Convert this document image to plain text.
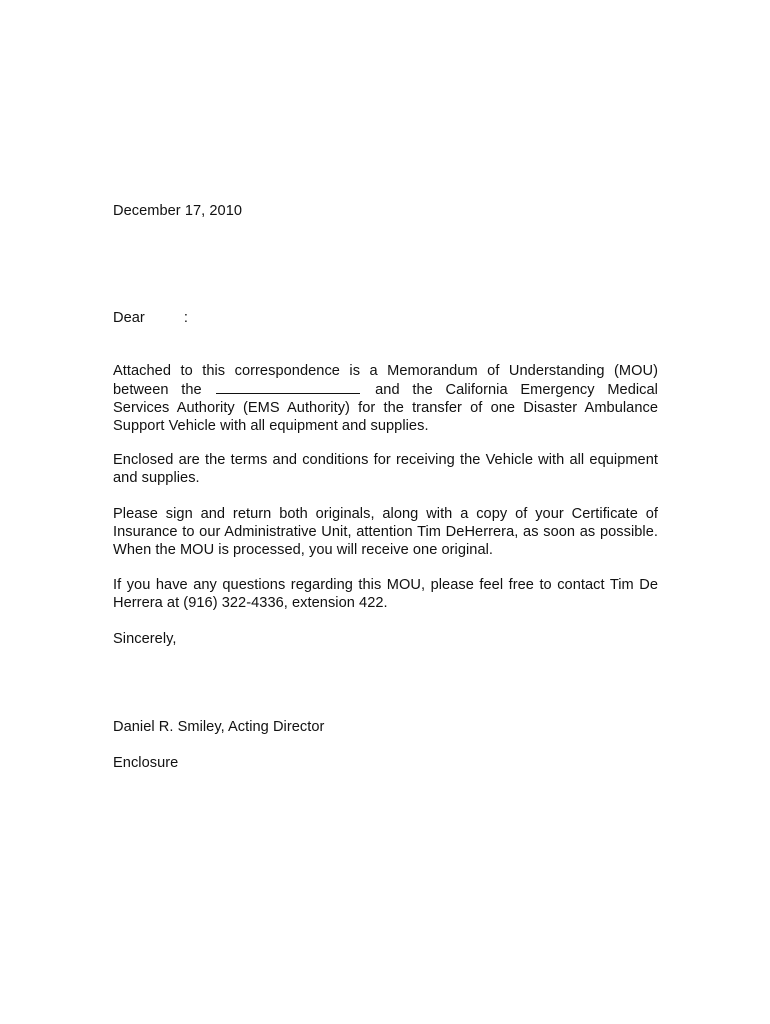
December 17, 2010
Dear	:
Attached to this correspondence is a Memorandum of Understanding (MOU) between the	and the California Emergency Medical Services Authority (EMS Authority) for the transfer of one Disaster Ambulance Support Vehicle with all equipment and supplies.
Enclosed are the terms and conditions for receiving the Vehicle with all equipment and supplies.
Please sign and return both originals, along with a copy of your Certificate of Insurance to our Administrative Unit, attention Tim DeHerrera, as soon as possible. When the MOU is processed, you will receive one original.
If you have any questions regarding this MOU, please feel free to contact Tim De Herrera at (916) 322-4336, extension 422.
Sincerely,
Daniel R. Smiley, Acting Director
Enclosure
